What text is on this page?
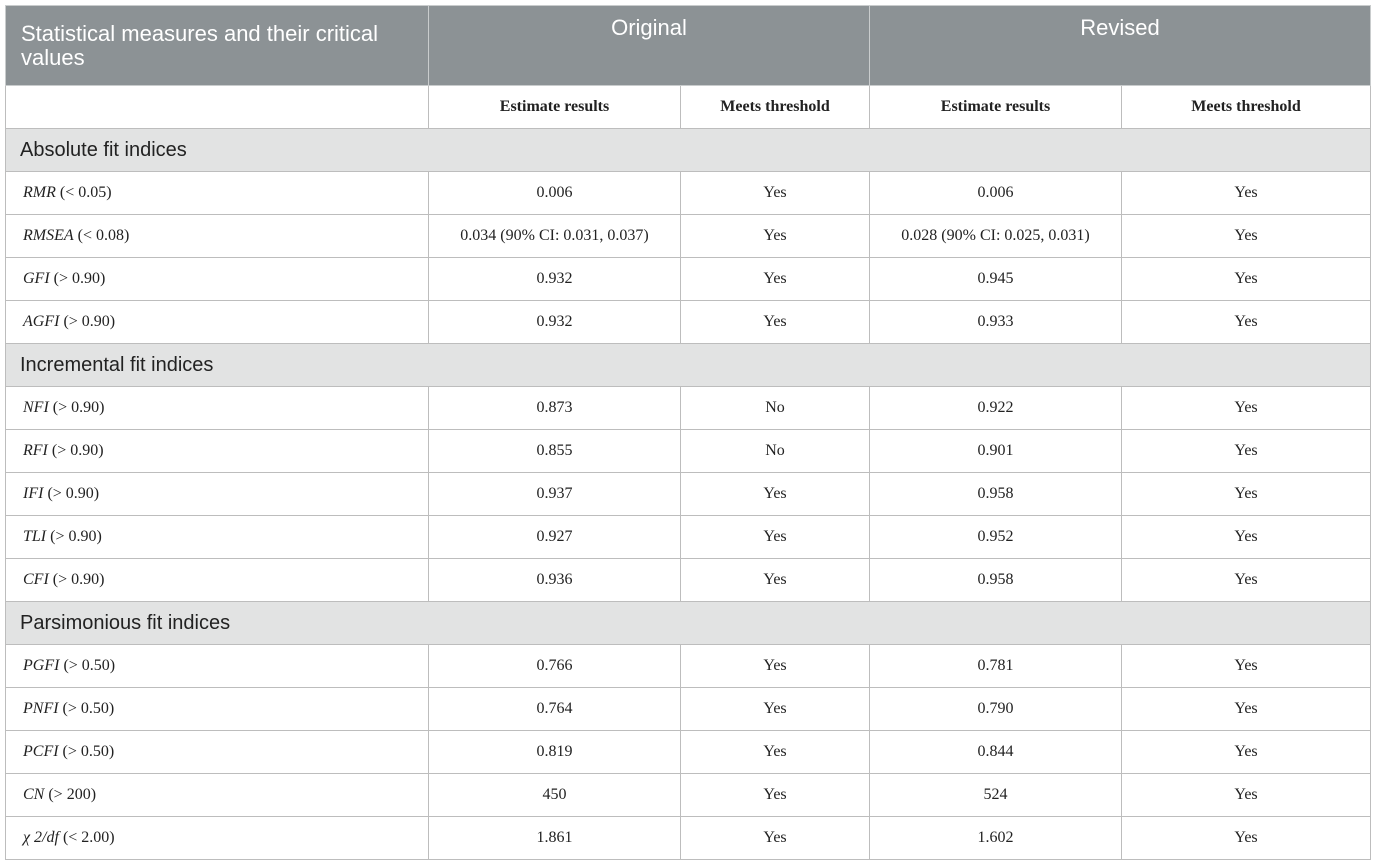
Statistical measures and their critical values	Original		Revised	
	Estimate results	Meets threshold	Estimate results	Meets threshold
Absolute fit indices				
RMR (< 0.05)	0.006	Yes	0.006	Yes
RMSEA (< 0.08)	0.034 (90% CI: 0.031, 0.037)	Yes	0.028 (90% CI: 0.025, 0.031)	Yes
GFI (> 0.90)	0.932	Yes	0.945	Yes
AGFI (> 0.90)	0.932	Yes	0.933	Yes
Incremental fit indices				
NFI (> 0.90)	0.873	No	0.922	Yes
RFI (> 0.90)	0.855	No	0.901	Yes
IFI (> 0.90)	0.937	Yes	0.958	Yes
TLI (> 0.90)	0.927	Yes	0.952	Yes
CFI (> 0.90)	0.936	Yes	0.958	Yes
Parsimonious fit indices				
PGFI (> 0.50)	0.766	Yes	0.781	Yes
PNFI (> 0.50)	0.764	Yes	0.790	Yes
PCFI (> 0.50)	0.819	Yes	0.844	Yes
CN (> 200)	450	Yes	524	Yes
χ 2/df (< 2.00)	1.861	Yes	1.602	Yes
